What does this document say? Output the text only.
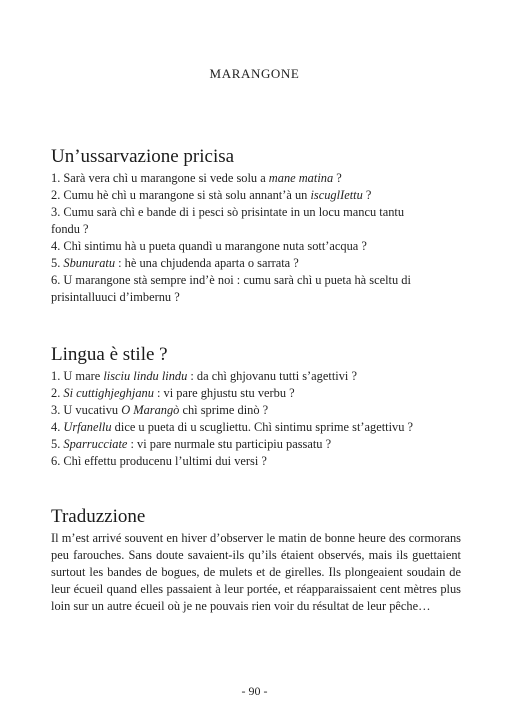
MARANGONE
Un’ussarvazione pricisa
1. Sarà vera chì u marangone si vede solu a mane matina ?
2. Cumu hè chì u marangone si stà solu annant’à un iscuglIettu ?
3. Cumu sarà chì e bande di i pesci sò prisintate in un locu mancu tantu
fondu ?
4. Chì sintimu hà u pueta quandì u marangone nuta sott’acqua ?
5. Sbunuratu : hè una chjudenda aparta o sarrata ?
6. U marangone stà sempre ind’è noi : cumu sarà chì u pueta hà sceltu di
prisintalluuci d’imbernu ?
Lingua è stile ?
1. U mare lisciu lindu lindu : da chì ghjovanu tutti s’agettivi ?
2. Si cuttighjeghjanu : vi pare ghjustu stu verbu ?
3. U vucativu O Marangò chì sprime dinò ?
4. Urfanellu dice u pueta di u scugliettu. Chì sintimu sprime st’agettivu ?
5. Sparrucciate : vi pare nurmale stu participiu passatu ?
6. Chì effettu producenu l’ultimi dui versi ?
Traduzzione
Il m’est arrivé souvent en hiver d’observer le matin de bonne heure des cormorans peu farouches. Sans doute savaient-ils qu’ils étaient observés, mais ils guettaient surtout les bandes de bogues, de mulets et de girelles. Ils plongeaient soudain de leur écueil quand elles passaient à leur portée, et réapparaissaient cent mètres plus loin sur un autre écueil où je ne pouvais rien voir du résultat de leur pêche…
- 90 -
